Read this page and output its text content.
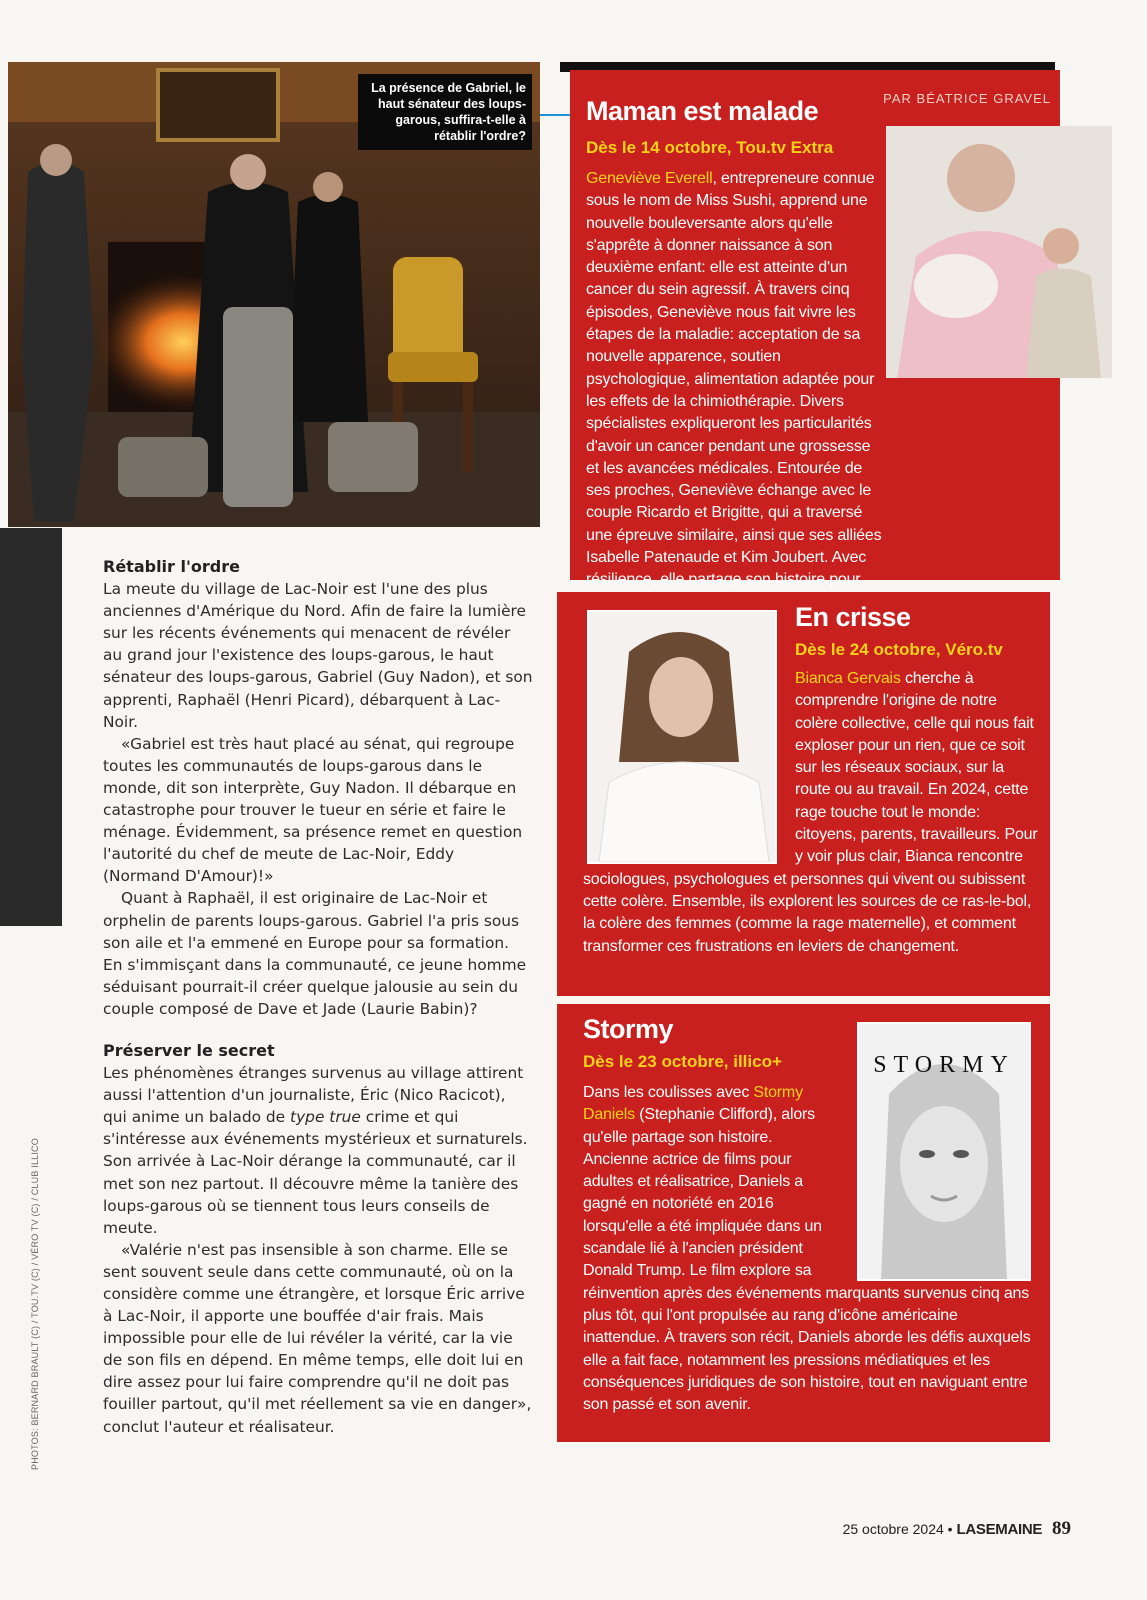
La présence de Gabriel, le haut sénateur des loups-garous, suffira-t-elle à rétablir l'ordre?

Rétablir l'ordre

La meute du village de Lac-Noir est l'une des plus anciennes d'Amérique du Nord. Afin de faire la lumière sur les récents événements qui menacent de révéler au grand jour l'existence des loups-garous, le haut sénateur des loups-garous, Gabriel (Guy Nadon), et son apprenti, Raphaël (Henri Picard), débarquent à Lac-Noir.

«Gabriel est très haut placé au sénat, qui regroupe toutes les communautés de loups-garous dans le monde, dit son interprète, Guy Nadon. Il débarque en catastrophe pour trouver le tueur en série et faire le ménage. Évidemment, sa présence remet en question l'autorité du chef de meute de Lac-Noir, Eddy (Normand D'Amour)!»

Quant à Raphaël, il est originaire de Lac-Noir et orphelin de parents loups-garous. Gabriel l'a pris sous son aile et l'a emmené en Europe pour sa formation. En s'immisçant dans la communauté, ce jeune homme séduisant pourrait-il créer quelque jalousie au sein du couple composé de Dave et Jade (Laurie Babin)?

Préserver le secret

Les phénomènes étranges survenus au village attirent aussi l'attention d'un journaliste, Éric (Nico Racicot), qui anime un balado de type true crime et qui s'intéresse aux événements mystérieux et surnaturels. Son arrivée à Lac-Noir dérange la communauté, car il met son nez partout. Il découvre même la tanière des loups-garous où se tiennent tous leurs conseils de meute.

«Valérie n'est pas insensible à son charme. Elle se sent souvent seule dans cette communauté, où on la considère comme une étrangère, et lorsque Éric arrive à Lac-Noir, il apporte une bouffée d'air frais. Mais impossible pour elle de lui révéler la vérité, car la vie de son fils en dépend. En même temps, elle doit lui en dire assez pour lui faire comprendre qu'il ne doit pas fouiller partout, qu'il met réellement sa vie en danger», conclut l'auteur et réalisateur.

PHOTOS: BERNARD BRAULT (C) / TOU.TV (C) / VÉRO TV (C) / CLUB ILLICO
Maman est malade
Dès le 14 octobre, Tou.tv Extra
Geneviève Everell, entrepreneure connue sous le nom de Miss Sushi, apprend une nouvelle bouleversante alors qu'elle s'apprête à donner naissance à son deuxième enfant: elle est atteinte d'un cancer du sein agressif. À travers cinq épisodes, Geneviève nous fait vivre les étapes de la maladie: acceptation de sa nouvelle apparence, soutien psychologique, alimentation adaptée pour les effets de la chimiothérapie. Divers spécialistes expliqueront les particularités d'avoir un cancer pendant une grossesse et les avancées médicales. Entourée de ses proches, Geneviève échange avec le couple Ricardo et Brigitte, qui a traversé une épreuve similaire, ainsi que ses alliées Isabelle Patenaude et Kim Joubert. Avec résilience, elle partage son histoire pour
En crisse
Dès le 24 octobre, Véro.tv
Bianca Gervais cherche à comprendre l'origine de notre colère collective, celle qui nous fait exploser pour un rien, que ce soit sur les réseaux sociaux, sur la route ou au travail. En 2024, cette rage touche tout le monde: citoyens, parents, travailleurs. Pour y voir plus clair, Bianca rencontre sociologues, psychologues et personnes qui vivent ou subissent cette colère. Ensemble, ils explorent les sources de ce ras-le-bol, la colère des femmes (comme la rage maternelle), et comment transformer ces frustrations en leviers de changement.
Stormy
Dès le 23 octobre, illico+	STORMY
Dans les coulisses avec Stormy Daniels (Stephanie Clifford), alors qu'elle partage son histoire. Ancienne actrice de films pour adultes et réalisatrice, Daniels a gagné en notoriété en 2016 lorsqu'elle a été impliquée dans un scandale lié à l'ancien président Donald Trump. Le film explore sa réinvention après des événements marquants survenus cinq ans plus tôt, qui l'ont propulsée au rang d'icône américaine inattendue. À travers son récit, Daniels aborde les défis auxquels elle a fait face, notamment les pressions médiatiques et les conséquences juridiques de son histoire, tout en naviguant entre son passé et son avenir.
PAR BÉATRICE GRAVEL
25 octobre 2024 • LASEMAINE 89
